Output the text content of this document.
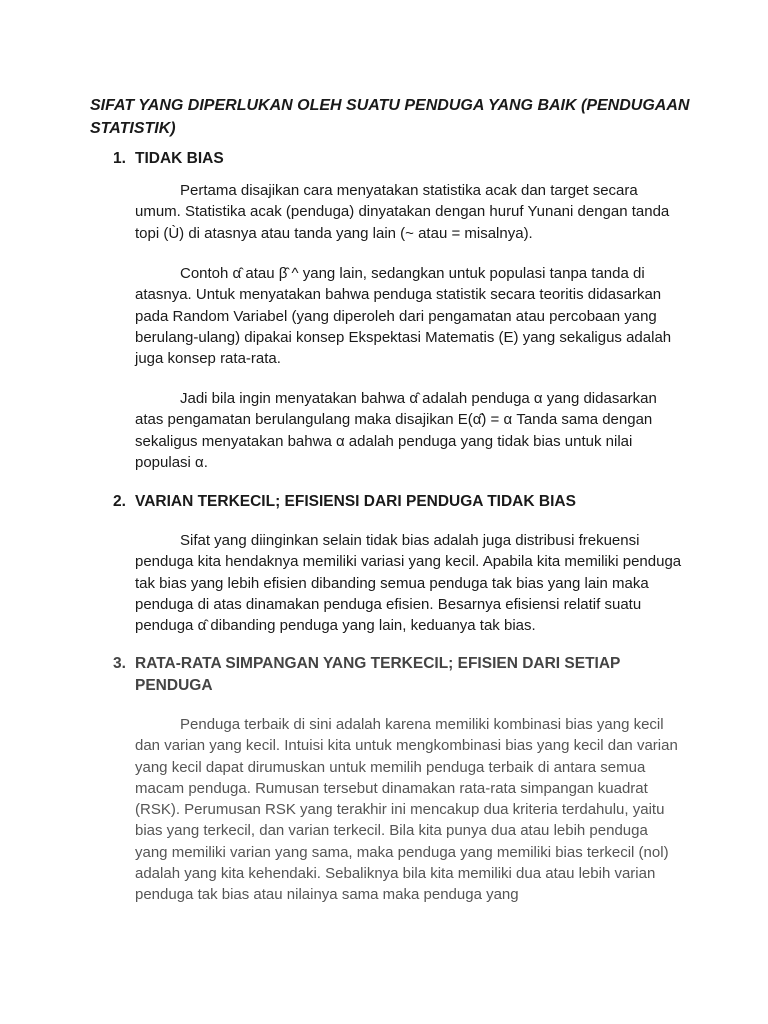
SIFAT YANG DIPERLUKAN OLEH SUATU PENDUGA YANG BAIK (PENDUGAAN STATISTIK)
1. TIDAK BIAS

Pertama disajikan cara menyatakan statistika acak dan target secara umum. Statistika acak (penduga) dinyatakan dengan huruf Yunani dengan tanda topi (Ù) di atasnya atau tanda yang lain (~ atau = misalnya).

Contoh α̂ atau β̂ ^ yang lain, sedangkan untuk populasi tanpa tanda di atasnya. Untuk menyatakan bahwa penduga statistik secara teoritis didasarkan pada Random Variabel (yang diperoleh dari pengamatan atau percobaan yang berulang-ulang) dipakai konsep Ekspektasi Matematis (E) yang sekaligus adalah juga konsep rata-rata.

Jadi bila ingin menyatakan bahwa α̂ adalah penduga α yang didasarkan atas pengamatan berulangulang maka disajikan E(α̂) = α Tanda sama dengan sekaligus menyatakan bahwa α adalah penduga yang tidak bias untuk nilai populasi α.

2. VARIAN TERKECIL; EFISIENSI DARI PENDUGA TIDAK BIAS

Sifat yang diinginkan selain tidak bias adalah juga distribusi frekuensi penduga kita hendaknya memiliki variasi yang kecil. Apabila kita memiliki penduga tak bias yang lebih efisien dibanding semua penduga tak bias yang lain maka penduga di atas dinamakan penduga efisien. Besarnya efisiensi relatif suatu penduga α̂ dibanding penduga yang lain, keduanya tak bias.

3. RATA-RATA SIMPANGAN YANG TERKECIL; EFISIEN DARI SETIAP PENDUGA

Penduga terbaik di sini adalah karena memiliki kombinasi bias yang kecil dan varian yang kecil. Intuisi kita untuk mengkombinasi bias yang kecil dan varian yang kecil dapat dirumuskan untuk memilih penduga terbaik di antara semua macam penduga. Rumusan tersebut dinamakan rata-rata simpangan kuadrat (RSK). Perumusan RSK yang terakhir ini mencakup dua kriteria terdahulu, yaitu bias yang terkecil, dan varian terkecil. Bila kita punya dua atau lebih penduga yang memiliki varian yang sama, maka penduga yang memiliki bias terkecil (nol) adalah yang kita kehendaki. Sebaliknya bila kita memiliki dua atau lebih varian penduga tak bias atau nilainya sama maka penduga yang
